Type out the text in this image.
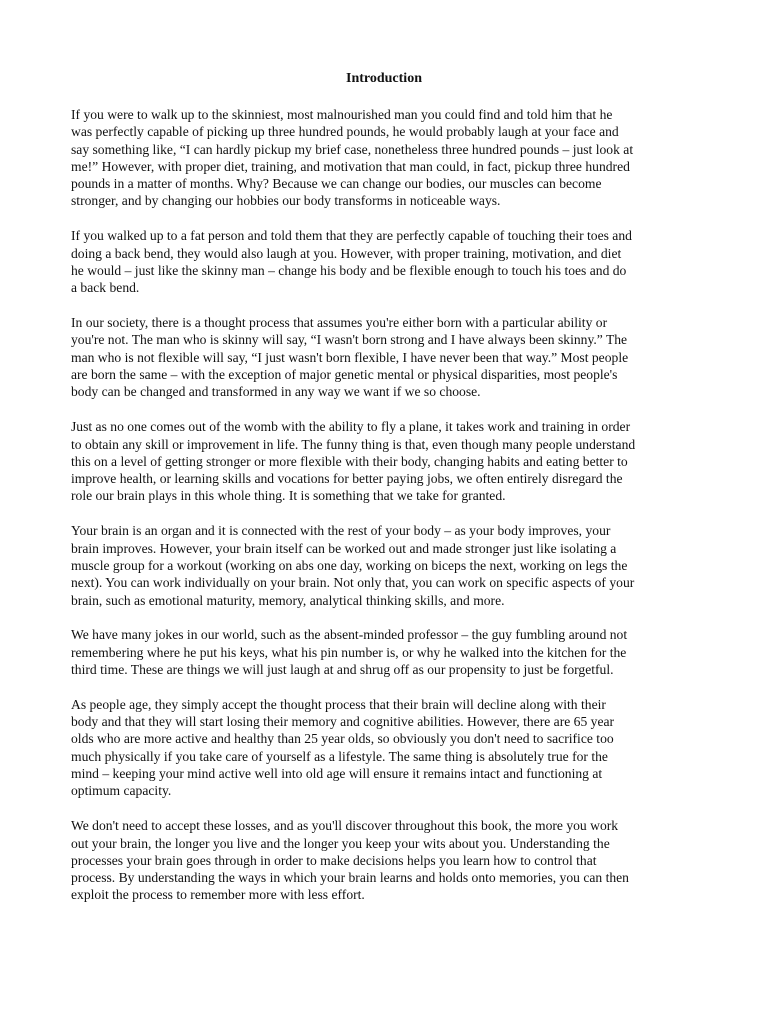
Introduction

If you were to walk up to the skinniest, most malnourished man you could find and told him that he
was perfectly capable of picking up three hundred pounds, he would probably laugh at your face and
say something like, “I can hardly pickup my brief case, nonetheless three hundred pounds – just look at
me!” However, with proper diet, training, and motivation that man could, in fact, pickup three hundred
pounds in a matter of months. Why? Because we can change our bodies, our muscles can become
stronger, and by changing our hobbies our body transforms in noticeable ways.

If you walked up to a fat person and told them that they are perfectly capable of touching their toes and
doing a back bend, they would also laugh at you. However, with proper training, motivation, and diet
he would – just like the skinny man – change his body and be flexible enough to touch his toes and do
a back bend.

In our society, there is a thought process that assumes you're either born with a particular ability or
you're not. The man who is skinny will say, “I wasn't born strong and I have always been skinny.” The
man who is not flexible will say, “I just wasn't born flexible, I have never been that way.” Most people
are born the same – with the exception of major genetic mental or physical disparities, most people's
body can be changed and transformed in any way we want if we so choose.

Just as no one comes out of the womb with the ability to fly a plane, it takes work and training in order
to obtain any skill or improvement in life. The funny thing is that, even though many people understand
this on a level of getting stronger or more flexible with their body, changing habits and eating better to
improve health, or learning skills and vocations for better paying jobs, we often entirely disregard the
role our brain plays in this whole thing. It is something that we take for granted.

Your brain is an organ and it is connected with the rest of your body – as your body improves, your
brain improves. However, your brain itself can be worked out and made stronger just like isolating a
muscle group for a workout (working on abs one day, working on biceps the next, working on legs the
next). You can work individually on your brain. Not only that, you can work on specific aspects of your
brain, such as emotional maturity, memory, analytical thinking skills, and more.

We have many jokes in our world, such as the absent-minded professor – the guy fumbling around not
remembering where he put his keys, what his pin number is, or why he walked into the kitchen for the
third time. These are things we will just laugh at and shrug off as our propensity to just be forgetful.

As people age, they simply accept the thought process that their brain will decline along with their
body and that they will start losing their memory and cognitive abilities. However, there are 65 year
olds who are more active and healthy than 25 year olds, so obviously you don't need to sacrifice too
much physically if you take care of yourself as a lifestyle. The same thing is absolutely true for the
mind – keeping your mind active well into old age will ensure it remains intact and functioning at
optimum capacity.

We don't need to accept these losses, and as you'll discover throughout this book, the more you work
out your brain, the longer you live and the longer you keep your wits about you. Understanding the
processes your brain goes through in order to make decisions helps you learn how to control that
process. By understanding the ways in which your brain learns and holds onto memories, you can then
exploit the process to remember more with less effort.
